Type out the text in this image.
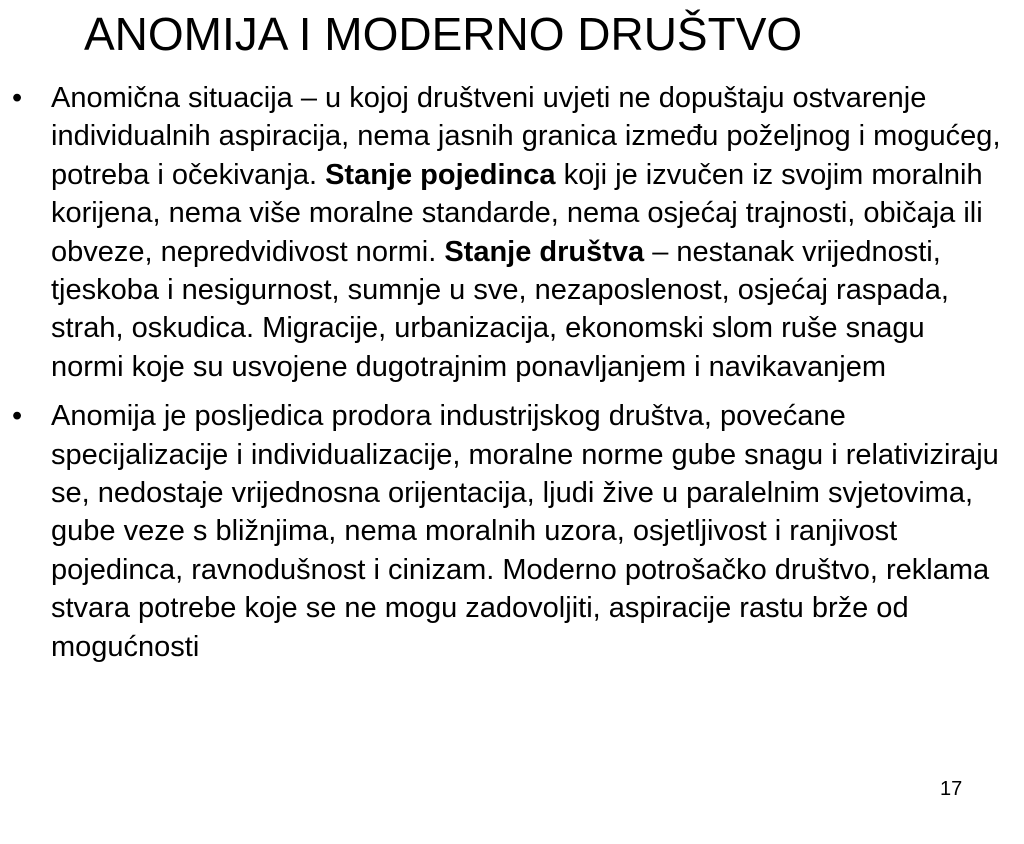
ANOMIJA I MODERNO DRUŠTVO
• Anomična situacija – u kojoj društveni uvjeti ne dopuštaju ostvarenje individualnih aspiracija, nema jasnih granica između poželjnog i mogućeg, potreba i očekivanja. Stanje pojedinca koji je izvučen iz svojim moralnih korijena, nema više moralne standarde, nema osjećaj trajnosti, običaja ili obveze, nepredvidivost normi. Stanje društva – nestanak vrijednosti, tjeskoba i nesigurnost, sumnje u sve, nezaposlenost, osjećaj raspada, strah, oskudica. Migracije, urbanizacija, ekonomski slom ruše snagu normi koje su usvojene dugotrajnim ponavljanjem i navikavanjem
• Anomija je posljedica prodora industrijskog društva, povećane specijalizacije i individualizacije, moralne norme gube snagu i relativiziraju se, nedostaje vrijednosna orijentacija, ljudi žive u paralelnim svjetovima, gube veze s bližnjima, nema moralnih uzora, osjetljivost i ranjivost pojedinca, ravnodušnost i cinizam. Moderno potrošačko društvo, reklama stvara potrebe koje se ne mogu zadovoljiti, aspiracije rastu brže od mogućnosti
17
